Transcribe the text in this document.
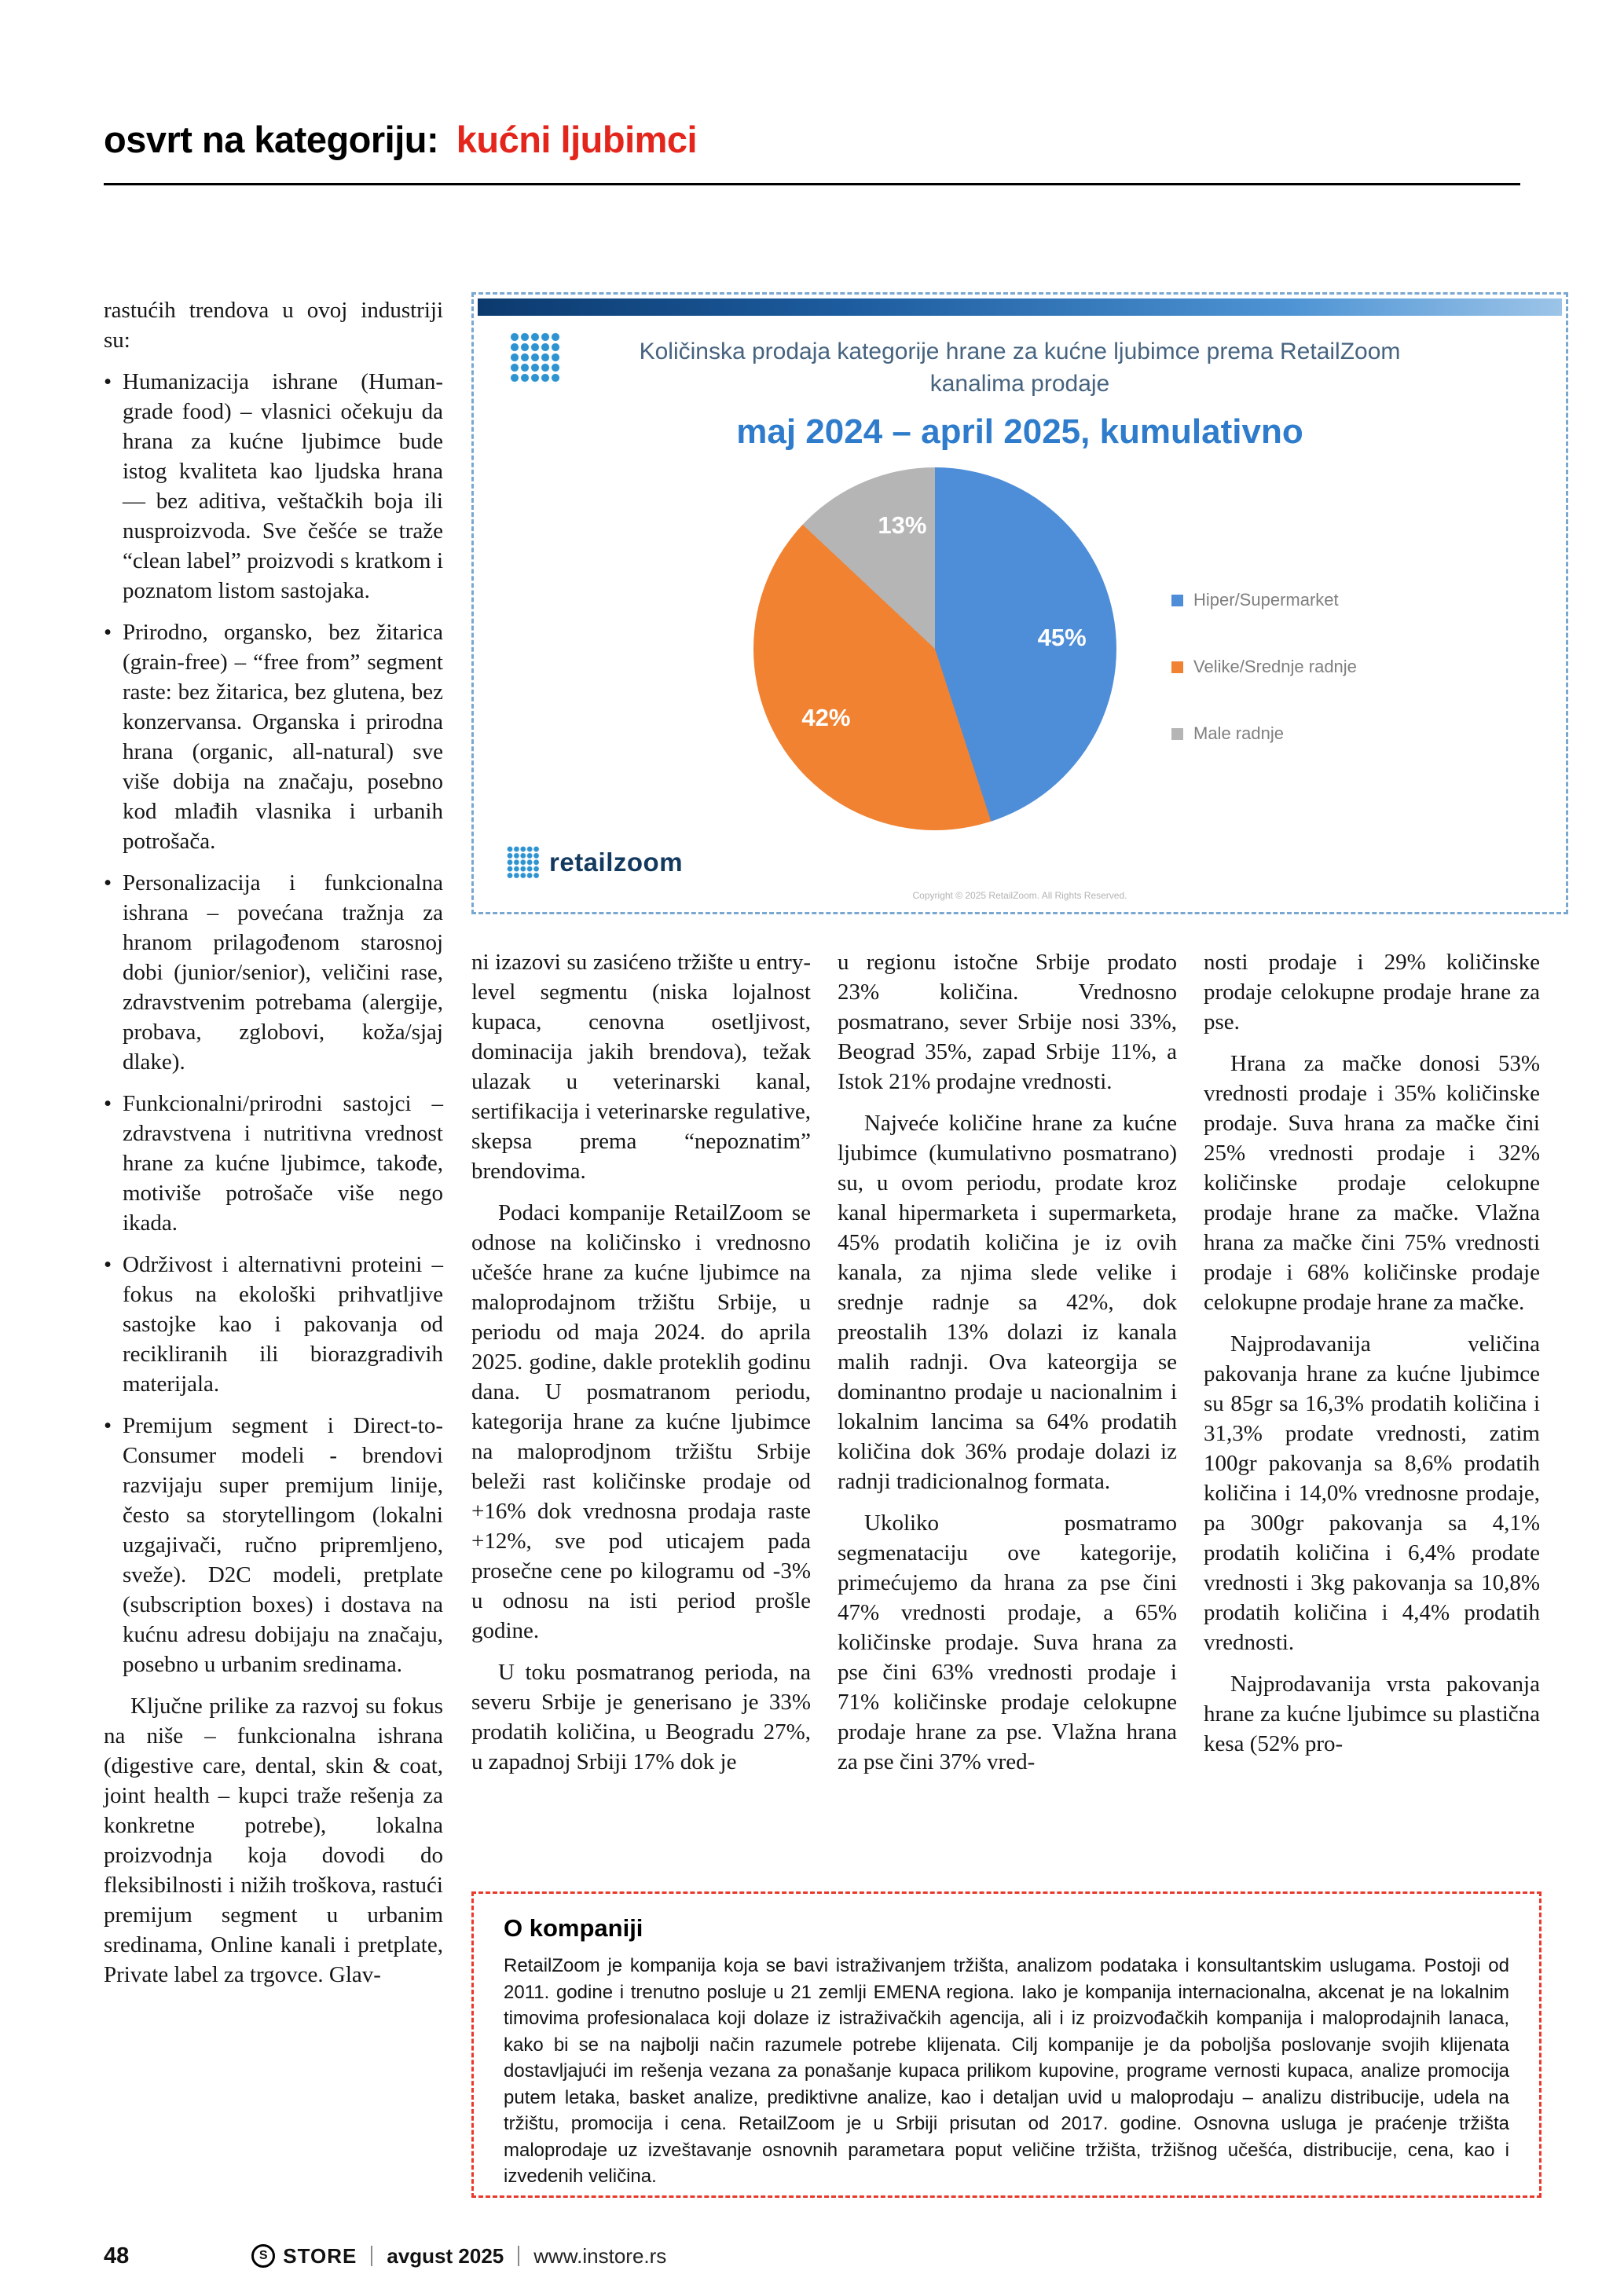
osvrt na kategoriju: kućni ljubimci

rastućih trendova u ovoj industriji su:

• Humanizacija ishrane (Human-grade food) – vlasnici očekuju da hrana za kućne ljubimce bude istog kvaliteta kao ljudska hrana — bez aditiva, veštačkih boja ili nusproizvoda. Sve češće se traže “clean label” proizvodi s kratkom i poznatom listom sastojaka.
• Prirodno, organsko, bez žitarica (grain-free) – “free from” segment raste: bez žitarica, bez glutena, bez konzervansa. Organska i prirodna hrana (organic, all-natural) sve više dobija na značaju, posebno kod mlađih vlasnika i urbanih potrošača.
• Personalizacija i funkcionalna ishrana – povećana tražnja za hranom prilagođenom starosnoj dobi (junior/senior), veličini rase, zdravstvenim potrebama (alergije, probava, zglobovi, koža/sjaj dlake).
• Funkcionalni/prirodni sastojci – zdravstvena i nutritivna vrednost hrane za kućne ljubimce, takođe, motiviše potrošače više nego ikada.
• Održivost i alternativni proteini – fokus na ekološki prihvatljive sastojke kao i pakovanja od recikliranih ili biorazgradivih materijala.
• Premijum segment i Direct-to-Consumer modeli - brendovi razvijaju super premijum linije, često sa storytellingom (lokalni uzgajivači, ručno pripremljeno, sveže). D2C modeli, pretplate (subscription boxes) i dostava na kućnu adresu dobijaju na značaju, posebno u urbanim sredinama.

Ključne prilike za razvoj su fokus na niše – funkcionalna ishrana (digestive care, dental, skin & coat, joint health – kupci traže rešenja za konkretne potrebe), lokalna proizvodnja koja dovodi do fleksibilnosti i nižih troškova, rastući premijum segment u urbanim sredinama, Online kanali i pretplate, Private label za trgovce. Glav-

Količinska prodaja kategorije hrane za kućne ljubimce prema RetailZoom
kanalima prodaje
maj 2024 – april 2025, kumulativno
45%
42%
13%
Hiper/Supermarket
Velike/Srednje radnje
Male radnje
retailzoom
Copyright © 2025 RetailZoom. All Rights Reserved.

ni izazovi su zasićeno tržište u entry-level segmentu (niska lojalnost kupaca, cenovna osetljivost, dominacija jakih brendova), težak ulazak u veterinarski kanal, sertifikacija i veterinarske regulative, skepsa prema “nepoznatim” brendovima.

Podaci kompanije RetailZoom se odnose na količinsko i vrednosno učešće hrane za kućne ljubimce na maloprodajnom tržištu Srbije, u periodu od maja 2024. do aprila 2025. godine, dakle proteklih godinu dana. U posmatranom periodu, kategorija hrane za kućne ljubimce na maloprodjnom tržištu Srbije beleži rast količinske prodaje od +16% dok vrednosna prodaja raste +12%, sve pod uticajem pada prosečne cene po kilogramu od -3% u odnosu na isti period prošle godine.

U toku posmatranog perioda, na severu Srbije je generisano je 33% prodatih količina, u Beogradu 27%, u zapadnoj Srbiji 17% dok je

u regionu istočne Srbije prodato 23% količina. Vrednosno posmatrano, sever Srbije nosi 33%, Beograd 35%, zapad Srbije 11%, a Istok 21% prodajne vrednosti.

Najveće količine hrane za kućne ljubimce (kumulativno posmatrano) su, u ovom periodu, prodate kroz kanal hipermarketa i supermarketa, 45% prodatih količina je iz ovih kanala, za njima slede velike i srednje radnje sa 42%, dok preostalih 13% dolazi iz kanala malih radnji. Ova kateorgija se dominantno prodaje u nacionalnim i lokalnim lancima sa 64% prodatih količina dok 36% prodaje dolazi iz radnji tradicionalnog formata.

Ukoliko posmatramo segmenataciju ove kategorije, primećujemo da hrana za pse čini 47% vrednosti prodaje, a 65% količinske prodaje. Suva hrana za pse čini 63% vrednosti prodaje i 71% količinske prodaje celokupne prodaje hrane za pse. Vlažna hrana za pse čini 37% vred-

nosti prodaje i 29% količinske prodaje celokupne prodaje hrane za pse.

Hrana za mačke donosi 53% vrednosti prodaje i 35% količinske prodaje. Suva hrana za mačke čini 25% vrednosti prodaje i 32% količinske prodaje celokupne prodaje hrane za mačke. Vlažna hrana za mačke čini 75% vrednosti prodaje i 68% količinske prodaje celokupne prodaje hrane za mačke.

Najprodavanija veličina pakovanja hrane za kućne ljubimce su 85gr sa 16,3% prodatih količina i 31,3% prodate vrednosti, zatim 100gr pakovanja sa 8,6% prodatih količina i 14,0% vrednosne prodaje, pa 300gr pakovanja sa 4,1% prodatih količina i 6,4% prodate vrednosti i 3kg pakovanja sa 10,8% prodatih količina i 4,4% prodatih vrednosti.

Najprodavanija vrsta pakovanja hrane za kućne ljubimce su plastična kesa (52% pro-

O kompaniji
RetailZoom je kompanija koja se bavi istraživanjem tržišta, analizom podataka i konsultantskim uslugama. Postoji od 2011. godine i trenutno posluje u 21 zemlji EMENA regiona. Iako je kompanija internacionalna, akcenat je na lokalnim timovima profesionalaca koji dolaze iz istraživačkih agencija, ali i iz proizvođačkih kompanija i maloprodajnih lanaca, kako bi se na najbolji način razumele potrebe klijenata. Cilj kompanije je da poboljša poslovanje svojih klijenata dostavljajući im rešenja vezana za ponašanje kupaca prilikom kupovine, programe vernosti kupaca, analize promocija putem letaka, basket analize, prediktivne analize, kao i detaljan uvid u maloprodaju – analizu distribucije, udela na tržištu, promocija i cena. RetailZoom je u Srbiji prisutan od 2017. godine. Osnovna usluga je praćenje tržišta maloprodaje uz izveštavanje osnovnih parametara poput veličine tržišta, tržišnog učešća, distribucije, cena, kao i izvedenih veličina.
48	S STORE avgust 2025 www.instore.rs
